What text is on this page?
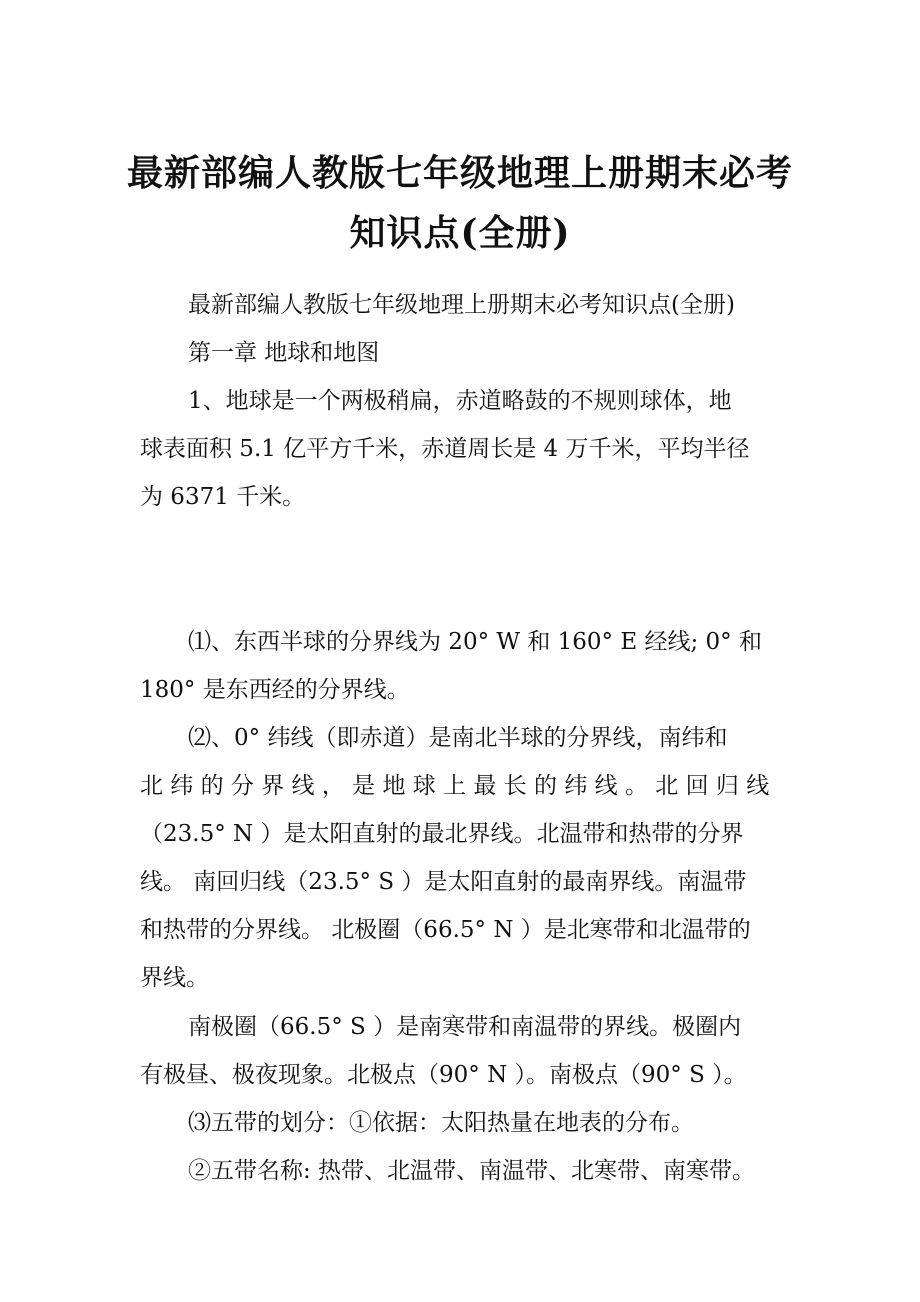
最新部编人教版七年级地理上册期末必考
知识点(全册)
最新部编人教版七年级地理上册期末必考知识点(全册)
第一章 地球和地图
1、地球是一个两极稍扁，赤道略鼓的不规则球体，地
球表面积 5.1 亿平方千米，赤道周长是 4 万千米，平均半径
为 6371 千米。
⑴、东西半球的分界线为 20° W 和 160° E 经线; 0° 和
180° 是东西经的分界线。
⑵、0° 纬线（即赤道）是南北半球的分界线，南纬和
北 纬 的 分 界 线 ， 是 地 球 上 最 长 的 纬 线 。 北 回 归 线
（23.5° N ）是太阳直射的最北界线。北温带和热带的分界
线。 南回归线（23.5° S ）是太阳直射的最南界线。南温带
和热带的分界线。 北极圈（66.5° N ）是北寒带和北温带的
界线。
南极圈（66.5° S ）是南寒带和南温带的界线。极圈内
有极昼、极夜现象。北极点（90° N ）。南极点（90° S ）。
⑶五带的划分：①依据：太阳热量在地表的分布。
②五带名称: 热带、北温带、南温带、北寒带、南寒带。
